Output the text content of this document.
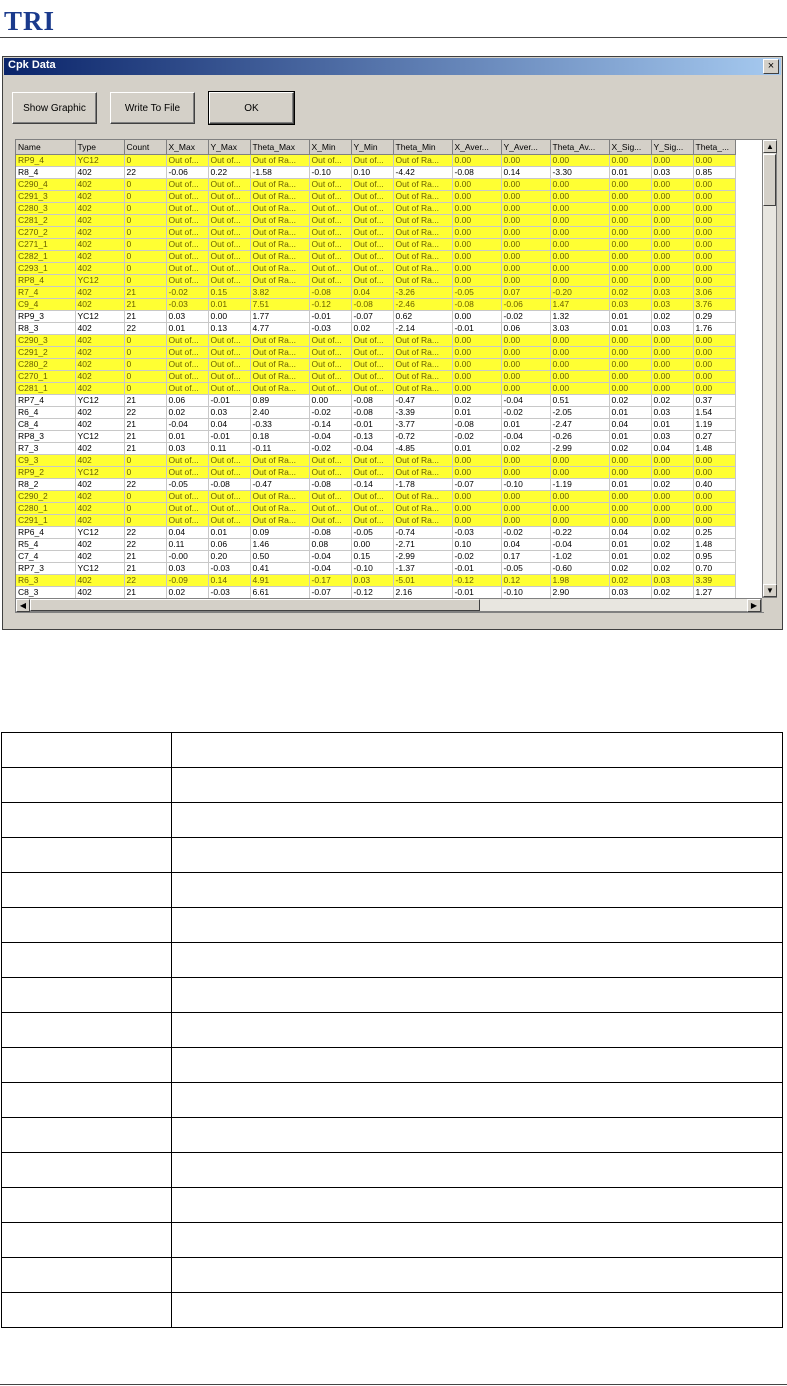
TRI
Cpk Data	×
Show Graphic	Write To File	OK
Name	Type	Count	X_Max	Y_Max	Theta_Max	X_Min	Y_Min	Theta_Min	X_Aver...	Y_Aver...	Theta_Av...	X_Sig...	Y_Sig...	Theta_...
RP9_4	YC12	0	Out of...	Out of...	Out of Ra...	Out of...	Out of...	Out of Ra...	0.00	0.00	0.00	0.00	0.00	0.00
R8_4	402	22	-0.06	0.22	-1.58	-0.10	0.10	-4.42	-0.08	0.14	-3.30	0.01	0.03	0.85
C290_4	402	0	Out of...	Out of...	Out of Ra...	Out of...	Out of...	Out of Ra...	0.00	0.00	0.00	0.00	0.00	0.00
C291_3	402	0	Out of...	Out of...	Out of Ra...	Out of...	Out of...	Out of Ra...	0.00	0.00	0.00	0.00	0.00	0.00
C280_3	402	0	Out of...	Out of...	Out of Ra...	Out of...	Out of...	Out of Ra...	0.00	0.00	0.00	0.00	0.00	0.00
C281_2	402	0	Out of...	Out of...	Out of Ra...	Out of...	Out of...	Out of Ra...	0.00	0.00	0.00	0.00	0.00	0.00
C270_2	402	0	Out of...	Out of...	Out of Ra...	Out of...	Out of...	Out of Ra...	0.00	0.00	0.00	0.00	0.00	0.00
C271_1	402	0	Out of...	Out of...	Out of Ra...	Out of...	Out of...	Out of Ra...	0.00	0.00	0.00	0.00	0.00	0.00
C282_1	402	0	Out of...	Out of...	Out of Ra...	Out of...	Out of...	Out of Ra...	0.00	0.00	0.00	0.00	0.00	0.00
C293_1	402	0	Out of...	Out of...	Out of Ra...	Out of...	Out of...	Out of Ra...	0.00	0.00	0.00	0.00	0.00	0.00
RP8_4	YC12	0	Out of...	Out of...	Out of Ra...	Out of...	Out of...	Out of Ra...	0.00	0.00	0.00	0.00	0.00	0.00
R7_4	402	21	-0.02	0.15	3.82	-0.08	0.04	-3.26	-0.05	0.07	-0.20	0.02	0.03	3.06
C9_4	402	21	-0.03	0.01	7.51	-0.12	-0.08	-2.46	-0.08	-0.06	1.47	0.03	0.03	3.76
RP9_3	YC12	21	0.03	0.00	1.77	-0.01	-0.07	0.62	0.00	-0.02	1.32	0.01	0.02	0.29
R8_3	402	22	0.01	0.13	4.77	-0.03	0.02	-2.14	-0.01	0.06	3.03	0.01	0.03	1.76
C290_3	402	0	Out of...	Out of...	Out of Ra...	Out of...	Out of...	Out of Ra...	0.00	0.00	0.00	0.00	0.00	0.00
C291_2	402	0	Out of...	Out of...	Out of Ra...	Out of...	Out of...	Out of Ra...	0.00	0.00	0.00	0.00	0.00	0.00
C280_2	402	0	Out of...	Out of...	Out of Ra...	Out of...	Out of...	Out of Ra...	0.00	0.00	0.00	0.00	0.00	0.00
C270_1	402	0	Out of...	Out of...	Out of Ra...	Out of...	Out of...	Out of Ra...	0.00	0.00	0.00	0.00	0.00	0.00
C281_1	402	0	Out of...	Out of...	Out of Ra...	Out of...	Out of...	Out of Ra...	0.00	0.00	0.00	0.00	0.00	0.00
RP7_4	YC12	21	0.06	-0.01	0.89	0.00	-0.08	-0.47	0.02	-0.04	0.51	0.02	0.02	0.37
R6_4	402	22	0.02	0.03	2.40	-0.02	-0.08	-3.39	0.01	-0.02	-2.05	0.01	0.03	1.54
C8_4	402	21	-0.04	0.04	-0.33	-0.14	-0.01	-3.77	-0.08	0.01	-2.47	0.04	0.01	1.19
RP8_3	YC12	21	0.01	-0.01	0.18	-0.04	-0.13	-0.72	-0.02	-0.04	-0.26	0.01	0.03	0.27
R7_3	402	21	0.03	0.11	-0.11	-0.02	-0.04	-4.85	0.01	0.02	-2.99	0.02	0.04	1.48
C9_3	402	0	Out of...	Out of...	Out of Ra...	Out of...	Out of...	Out of Ra...	0.00	0.00	0.00	0.00	0.00	0.00
RP9_2	YC12	0	Out of...	Out of...	Out of Ra...	Out of...	Out of...	Out of Ra...	0.00	0.00	0.00	0.00	0.00	0.00
R8_2	402	22	-0.05	-0.08	-0.47	-0.08	-0.14	-1.78	-0.07	-0.10	-1.19	0.01	0.02	0.40
C290_2	402	0	Out of...	Out of...	Out of Ra...	Out of...	Out of...	Out of Ra...	0.00	0.00	0.00	0.00	0.00	0.00
C280_1	402	0	Out of...	Out of...	Out of Ra...	Out of...	Out of...	Out of Ra...	0.00	0.00	0.00	0.00	0.00	0.00
C291_1	402	0	Out of...	Out of...	Out of Ra...	Out of...	Out of...	Out of Ra...	0.00	0.00	0.00	0.00	0.00	0.00
RP6_4	YC12	22	0.04	0.01	0.09	-0.08	-0.05	-0.74	-0.03	-0.02	-0.22	0.04	0.02	0.25
R5_4	402	22	0.11	0.06	1.46	0.08	0.00	-2.71	0.10	0.04	-0.04	0.01	0.02	1.48
C7_4	402	21	-0.00	0.20	0.50	-0.04	0.15	-2.99	-0.02	0.17	-1.02	0.01	0.02	0.95
RP7_3	YC12	21	0.03	-0.03	0.41	-0.04	-0.10	-1.37	-0.01	-0.05	-0.60	0.02	0.02	0.70
R6_3	402	22	-0.09	0.14	4.91	-0.17	0.03	-5.01	-0.12	0.12	1.98	0.02	0.03	3.39
C8_3	402	21	0.02	-0.03	6.61	-0.07	-0.12	2.16	-0.01	-0.10	2.90	0.03	0.02	1.27
▲
▼
◀	▶
